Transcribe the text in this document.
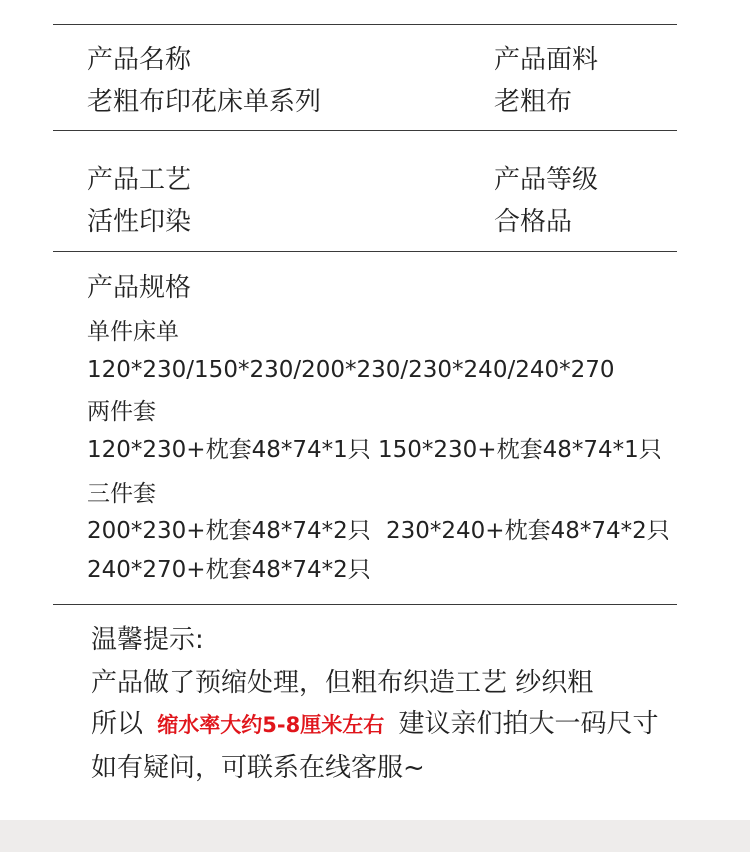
产品名称
老粗布印花床单系列
产品面料
老粗布
产品工艺
活性印染
产品等级
合格品
产品规格
单件床单
120*230/150*230/200*230/230*240/240*270
两件套
120*230+枕套48*74*1只 150*230+枕套48*74*1只
三件套
200*230+枕套48*74*2只 230*240+枕套48*74*2只
240*270+枕套48*74*2只
温馨提示:
产品做了预缩处理，但粗布织造工艺 纱织粗
所以 缩水率大约5-8厘米左右 建议亲们拍大一码尺寸
如有疑问，可联系在线客服~
